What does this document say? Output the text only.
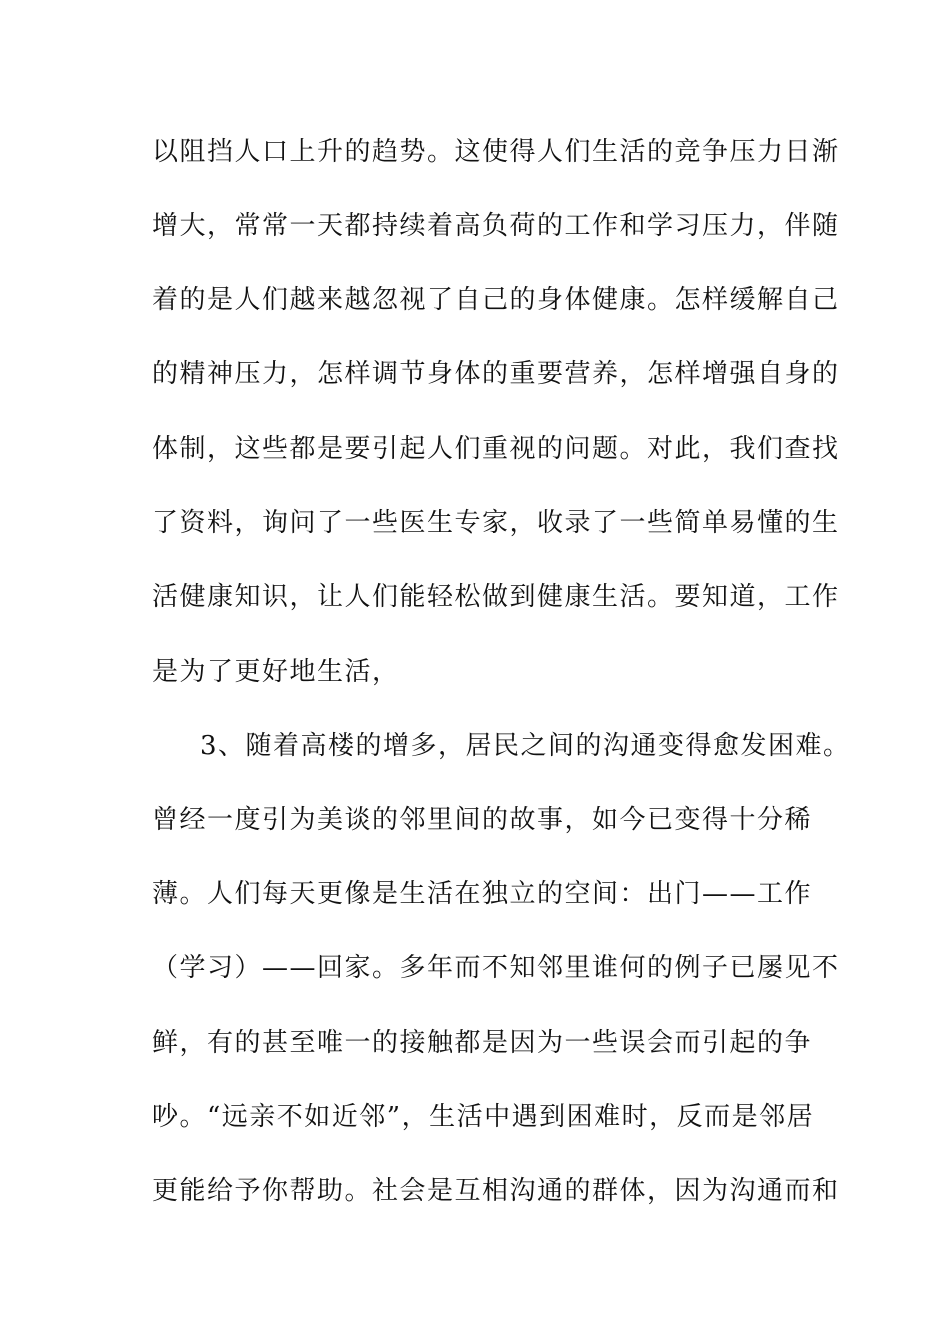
以阻挡人口上升的趋势。这使得人们生活的竞争压力日渐
增大，常常一天都持续着高负荷的工作和学习压力，伴随
着的是人们越来越忽视了自己的身体健康。怎样缓解自己
的精神压力，怎样调节身体的重要营养，怎样增强自身的
体制，这些都是要引起人们重视的问题。对此，我们查找
了资料，询问了一些医生专家，收录了一些简单易懂的生
活健康知识，让人们能轻松做到健康生活。要知道，工作
是为了更好地生活，
3、随着高楼的增多，居民之间的沟通变得愈发困难。
曾经一度引为美谈的邻里间的故事，如今已变得十分稀
薄。人们每天更像是生活在独立的空间：出门——工作
（学习）——回家。多年而不知邻里谁何的例子已屡见不
鲜，有的甚至唯一的接触都是因为一些误会而引起的争
吵。“远亲不如近邻”，生活中遇到困难时，反而是邻居
更能给予你帮助。社会是互相沟通的群体，因为沟通而和
